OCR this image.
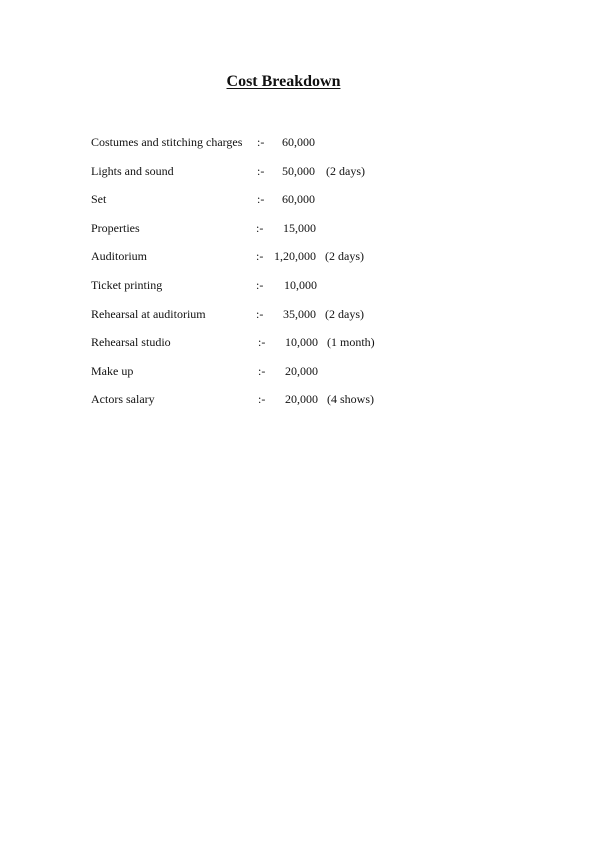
Cost Breakdown
Costumes and stitching charges :- 60,000
Lights and sound	:- 50,000 (2 days)
Set	:- 60,000
Properties	:- 15,000
Auditorium	:- 1,20,000 (2 days)
Ticket printing	:- 10,000
Rehearsal at auditorium	:- 35,000 (2 days)
Rehearsal studio	:- 10,000 (1 month)
Make up	:- 20,000
Actors salary	:- 20,000 (4 shows)
